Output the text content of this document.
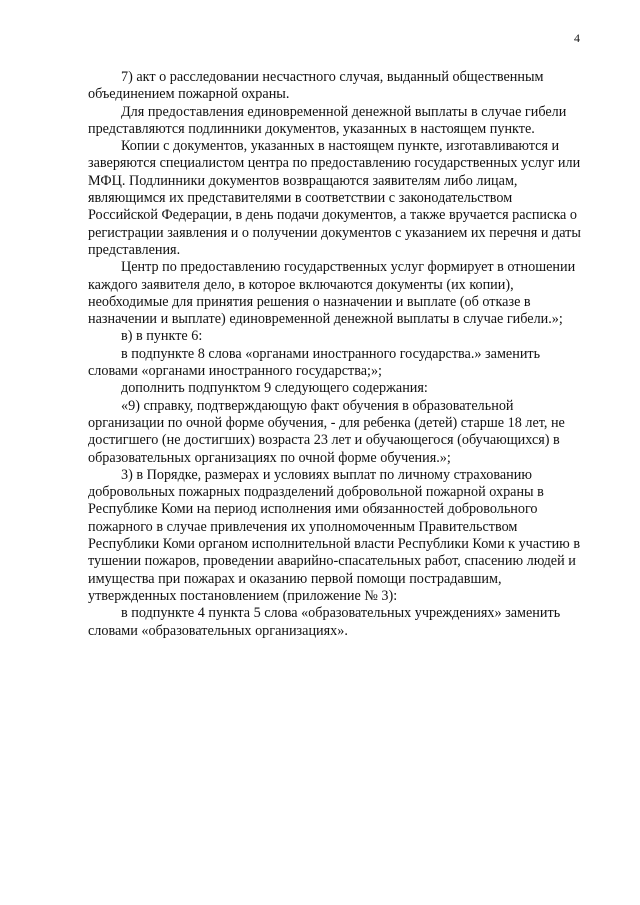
4

7) акт о расследовании несчастного случая, выданный общественным объединением пожарной охраны.

Для предоставления единовременной денежной выплаты в случае гибели представляются подлинники документов, указанных в настоящем пункте.

Копии с документов, указанных в настоящем пункте, изготавливаются и заверяются специалистом центра по предоставлению государственных услуг или МФЦ. Подлинники документов возвращаются заявителям либо лицам, являющимся их представителями в соответствии с законодательством Российской Федерации, в день подачи документов, а также вручается расписка о регистрации заявления и о получении документов с указанием их перечня и даты представления.

Центр по предоставлению государственных услуг формирует в отношении каждого заявителя дело, в которое включаются документы (их копии), необходимые для принятия решения о назначении и выплате (об отказе в назначении и выплате) единовременной денежной выплаты в случае гибели.»;

в) в пункте 6:

в подпункте 8 слова «органами иностранного государства.» заменить словами «органами иностранного государства;»;

дополнить подпунктом 9 следующего содержания:

«9) справку, подтверждающую факт обучения в образовательной организации по очной форме обучения, - для ребенка (детей) старше 18 лет, не достигшего (не достигших) возраста 23 лет и обучающегося (обучающихся) в образовательных организациях по очной форме обучения.»;

3) в Порядке, размерах и условиях выплат по личному страхованию добровольных пожарных подразделений добровольной пожарной охраны в Республике Коми на период исполнения ими обязанностей добровольного пожарного в случае привлечения их уполномоченным Правительством Республики Коми органом исполнительной власти Республики Коми к участию в тушении пожаров, проведении аварийно-спасательных работ, спасению людей и имущества при пожарах и оказанию первой помощи пострадавшим, утвержденных постановлением (приложение № 3):

в подпункте 4 пункта 5 слова «образовательных учреждениях» заменить словами «образовательных организациях».
